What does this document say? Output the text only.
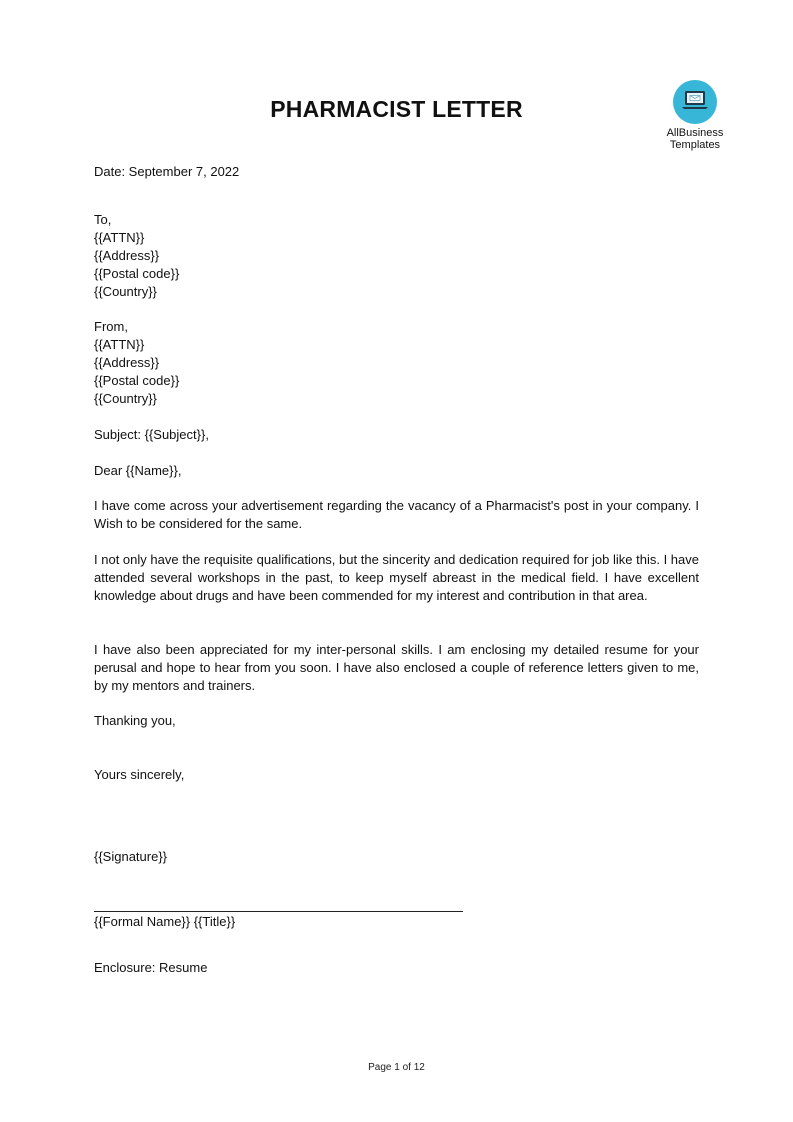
PHARMACIST LETTER
AllBusiness
Templates
Date: September 7, 2022
To,
{{ATTN}}
{{Address}}
{{Postal code}}
{{Country}}
From,
{{ATTN}}
{{Address}}
{{Postal code}}
{{Country}}
Subject: {{Subject}},
Dear {{Name}},
I have come across your advertisement regarding the vacancy of a Pharmacist's post in your company. I Wish to be considered for the same.
I not only have the requisite qualifications, but the sincerity and dedication required for job like this. I have attended several workshops in the past, to keep myself abreast in the medical field. I have excellent knowledge about drugs and have been commended for my interest and contribution in that area.
I have also been appreciated for my inter-personal skills. I am enclosing my detailed resume for your perusal and hope to hear from you soon. I have also enclosed a couple of reference letters given to me, by my mentors and trainers.
Thanking you,
Yours sincerely,
{{Signature}}
{{Formal Name}} {{Title}}
Enclosure: Resume
Page 1 of 12
